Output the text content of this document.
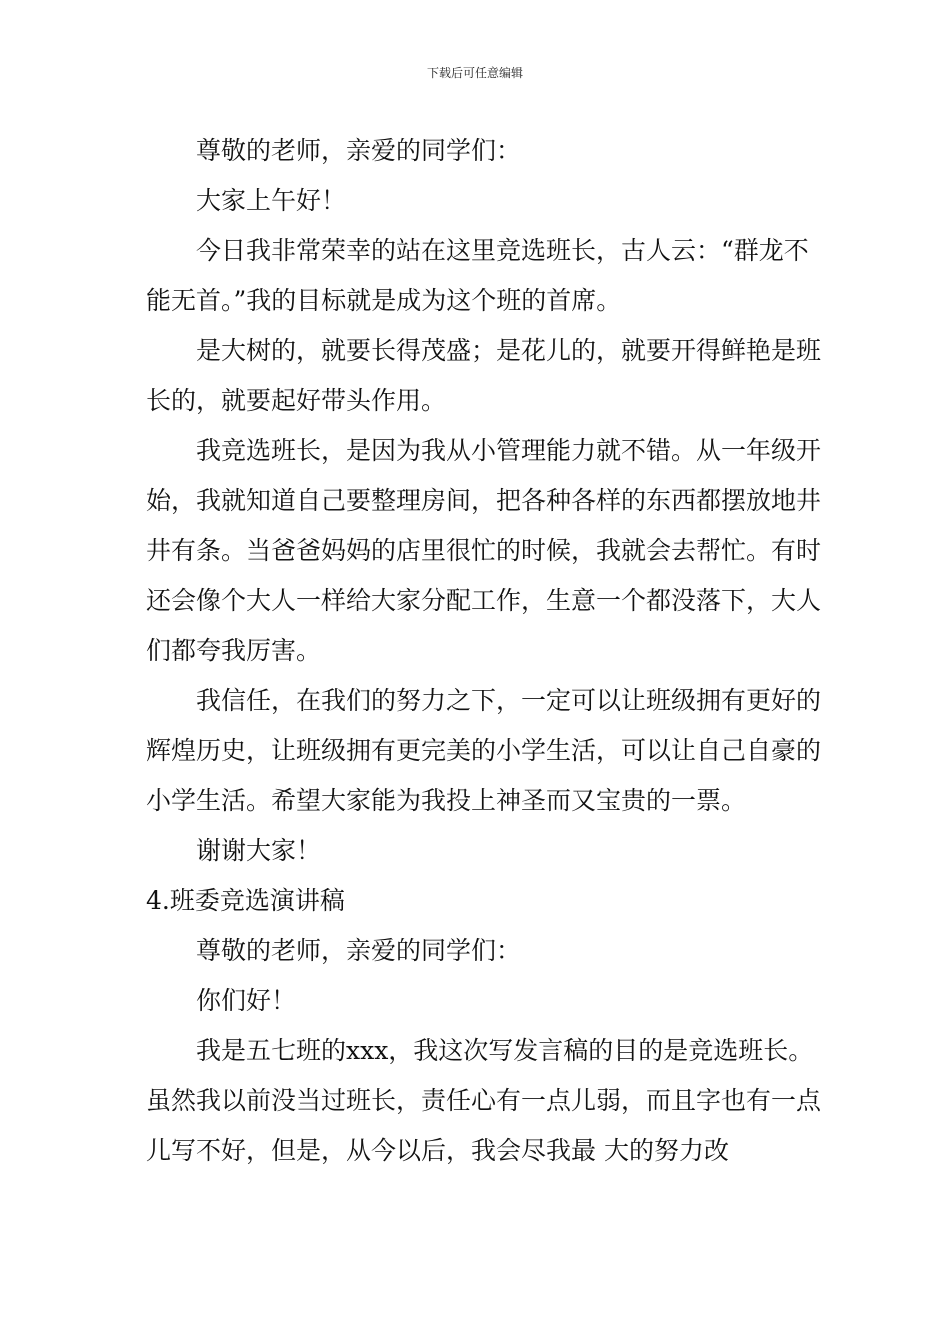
下载后可任意编辑

尊敬的老师，亲爱的同学们：

大家上午好！

今日我非常荣幸的站在这里竞选班长，古人云：“群龙不能无首。”我的目标就是成为这个班的首席。

是大树的，就要长得茂盛；是花儿的，就要开得鲜艳是班长的，就要起好带头作用。

我竞选班长，是因为我从小管理能力就不错。从一年级开始，我就知道自己要整理房间，把各种各样的东西都摆放地井井有条。当爸爸妈妈的店里很忙的时候，我就会去帮忙。有时还会像个大人一样给大家分配工作，生意一个都没落下，大人们都夸我厉害。

我信任，在我们的努力之下，一定可以让班级拥有更好的辉煌历史，让班级拥有更完美的小学生活，可以让自己自豪的小学生活。希望大家能为我投上神圣而又宝贵的一票。

谢谢大家！

4.班委竞选演讲稿

尊敬的老师，亲爱的同学们：

你们好！

我是五七班的xxx，我这次写发言稿的目的是竞选班长。虽然我以前没当过班长，责任心有一点儿弱，而且字也有一点儿写不好，但是，从今以后，我会尽我最 大的努力改
